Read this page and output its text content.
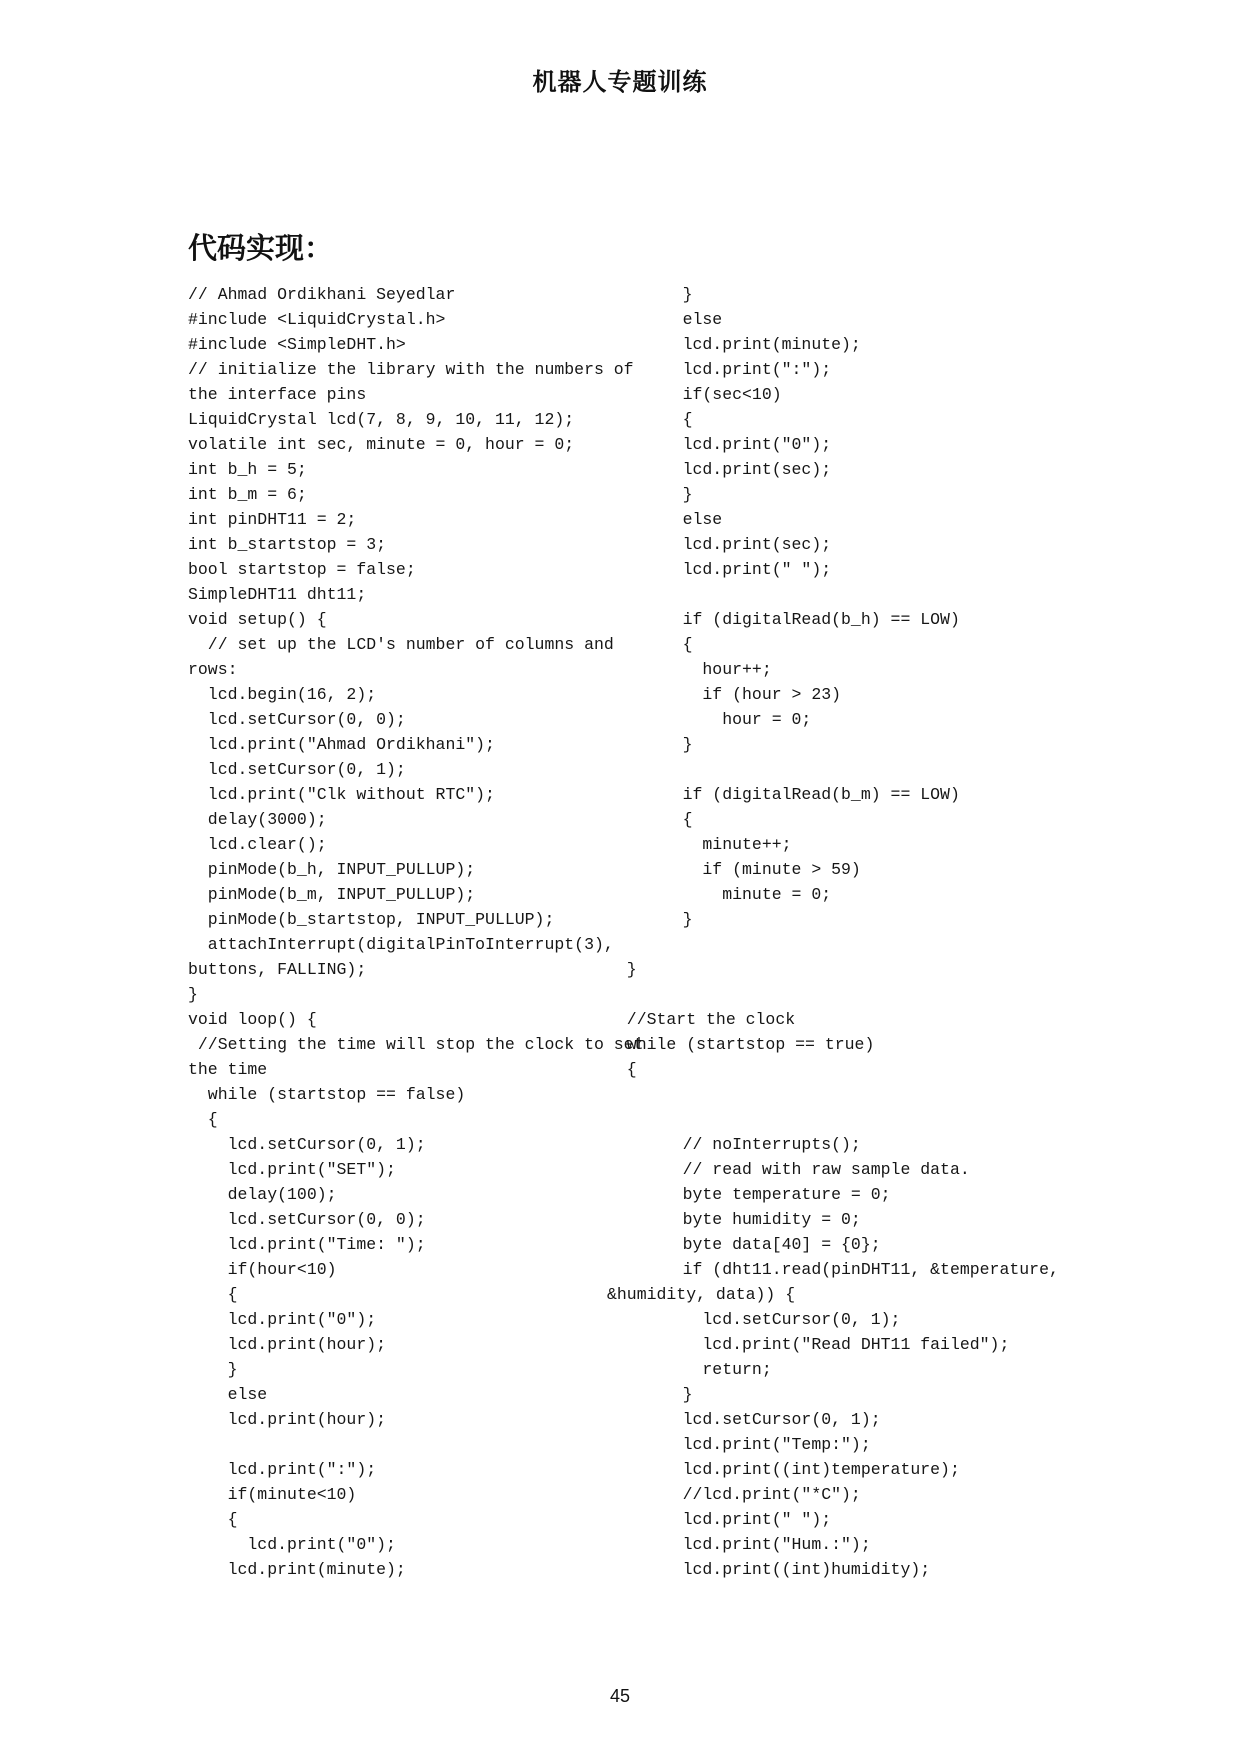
机器人专题训练
代码实现：
// Ahmad Ordikhani Seyedlar
#include <LiquidCrystal.h>
#include <SimpleDHT.h>
// initialize the library with the numbers of
the interface pins
LiquidCrystal lcd(7, 8, 9, 10, 11, 12);
volatile int sec, minute = 0, hour = 0;
int b_h = 5;
int b_m = 6;
int pinDHT11 = 2;
int b_startstop = 3;
bool startstop = false;
SimpleDHT11 dht11;
void setup() {
// set up the LCD's number of columns and
rows:
lcd.begin(16, 2);
lcd.setCursor(0, 0);
lcd.print("Ahmad Ordikhani");
lcd.setCursor(0, 1);
lcd.print("Clk without RTC");
delay(3000);
lcd.clear();
pinMode(b_h, INPUT_PULLUP);
pinMode(b_m, INPUT_PULLUP);
pinMode(b_startstop, INPUT_PULLUP);
attachInterrupt(digitalPinToInterrupt(3),
buttons, FALLING);
}
void loop() {
//Setting the time will stop the clock to set
the time
while (startstop == false)
{
lcd.setCursor(0, 1);
lcd.print("SET");
delay(100);
lcd.setCursor(0, 0);
lcd.print("Time: ");
if(hour<10)
{
lcd.print("0");
lcd.print(hour);
}
else
lcd.print(hour);
lcd.print(":");
if(minute<10)
{
lcd.print("0");
lcd.print(minute);
}
else
lcd.print(minute);
lcd.print(":");
if(sec<10)
{
lcd.print("0");
lcd.print(sec);
}
else
lcd.print(sec);
lcd.print(" ");
if (digitalRead(b_h) == LOW)
{
hour++;
if (hour > 23)
hour = 0;
}
if (digitalRead(b_m) == LOW)
{
minute++;
if (minute > 59)
minute = 0;
}
}
//Start the clock
while (startstop == true)
{
// noInterrupts();
// read with raw sample data.
byte temperature = 0;
byte humidity = 0;
byte data[40] = {0};
if (dht11.read(pinDHT11, &temperature,
&humidity, data)) {
lcd.setCursor(0, 1);
lcd.print("Read DHT11 failed");
return;
}
lcd.setCursor(0, 1);
lcd.print("Temp:");
lcd.print((int)temperature);
//lcd.print("*C");
lcd.print(" ");
lcd.print("Hum.:");
lcd.print((int)humidity);
45
